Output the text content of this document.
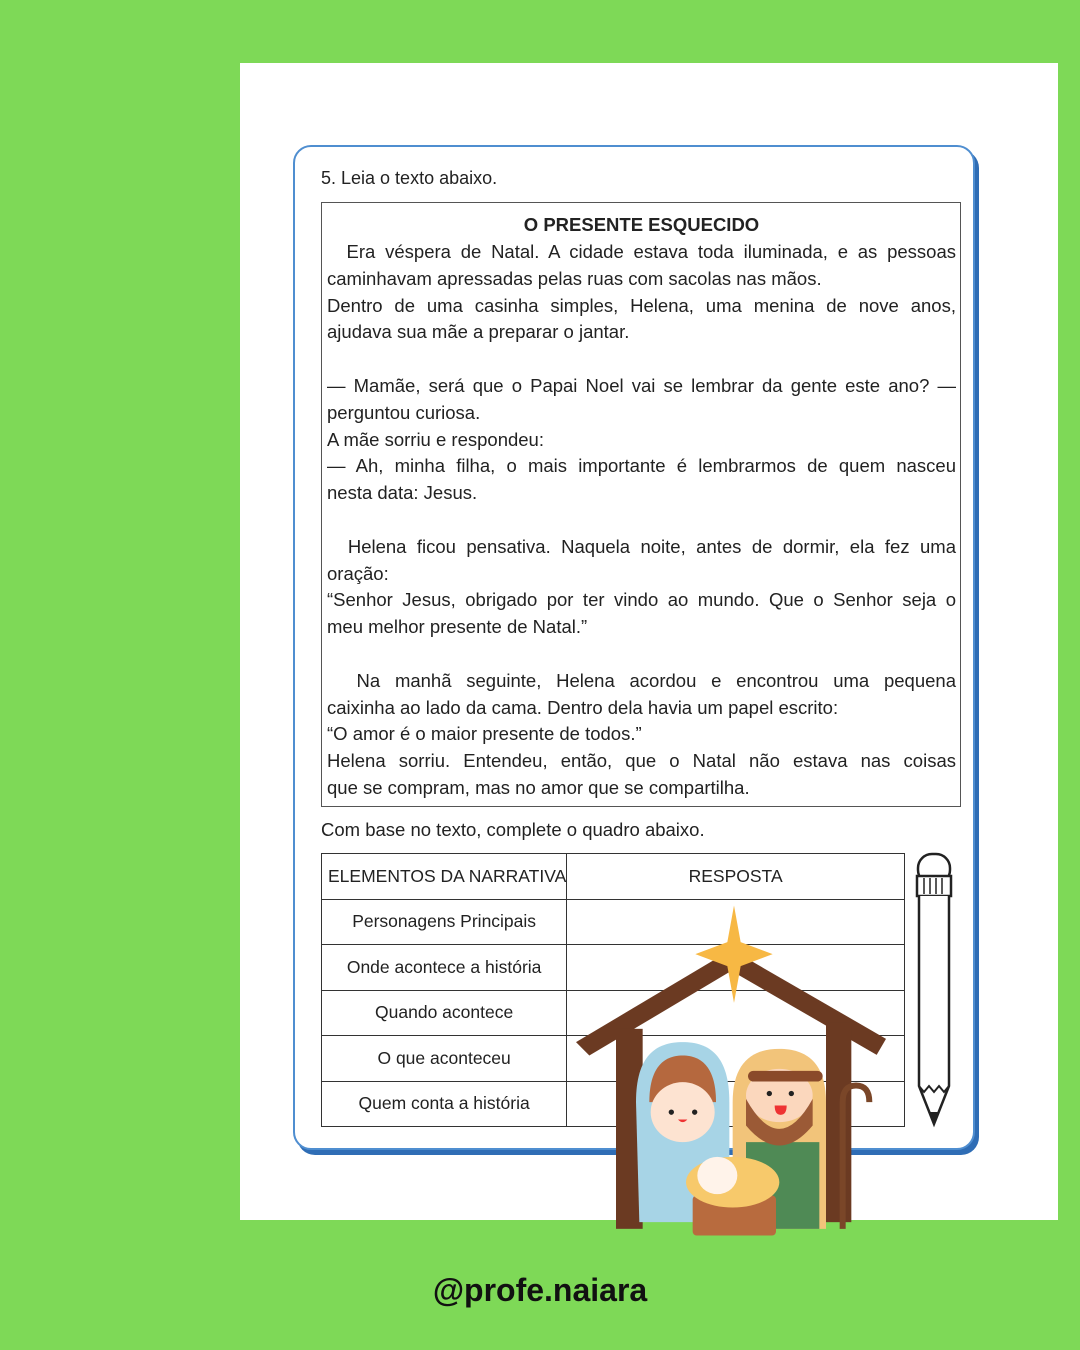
5. Leia o texto abaixo.
O PRESENTE ESQUECIDO
Era véspera de Natal. A cidade estava toda iluminada, e as pessoas
caminhavam apressadas pelas ruas com sacolas nas mãos.
Dentro de uma casinha simples, Helena, uma menina de nove anos,
ajudava sua mãe a preparar o jantar.
— Mamãe, será que o Papai Noel vai se lembrar da gente este ano? —
perguntou curiosa.
A mãe sorriu e respondeu:
— Ah, minha filha, o mais importante é lembrarmos de quem nasceu
nesta data: Jesus.
Helena ficou pensativa. Naquela noite, antes de dormir, ela fez uma
oração:
“Senhor Jesus, obrigado por ter vindo ao mundo. Que o Senhor seja o
meu melhor presente de Natal.”
Na manhã seguinte, Helena acordou e encontrou uma pequena
caixinha ao lado da cama. Dentro dela havia um papel escrito:
“O amor é o maior presente de todos.”
Helena sorriu. Entendeu, então, que o Natal não estava nas coisas
que se compram, mas no amor que se compartilha.
Com base no texto, complete o quadro abaixo.
ELEMENTOS DA NARRATIVA	RESPOSTA
Personagens Principais	
Onde acontece a história	
Quando acontece	
O que aconteceu	
Quem conta a história	
@profe.naiara
